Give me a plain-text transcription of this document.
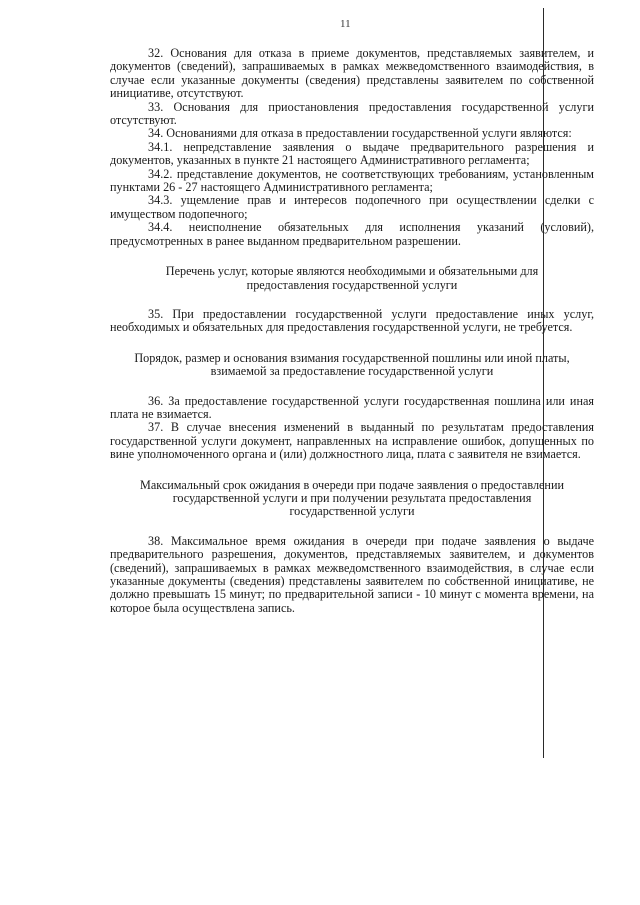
11

32. Основания для отказа в приеме документов, представляемых заявителем, и документов (сведений), запрашиваемых в рамках межведомственного взаимодействия, в случае если указанные документы (сведения) представлены заявителем по собственной инициативе, отсутствуют.

33. Основания для приостановления предоставления государственной услуги отсутствуют.

34. Основаниями для отказа в предоставлении государственной услуги являются:

34.1. непредставление заявления о выдаче предварительного разрешения и документов, указанных в пункте 21 настоящего Административного регламента;

34.2. представление документов, не соответствующих требованиям, установленным пунктами 26 - 27 настоящего Административного регламента;

34.3. ущемление прав и интересов подопечного при осуществлении сделки с имуществом подопечного;

34.4. неисполнение обязательных для исполнения указаний (условий), предусмотренных в ранее выданном предварительном разрешении.

Перечень услуг, которые являются необходимыми и обязательными для предоставления государственной услуги

35. При предоставлении государственной услуги предоставление иных услуг, необходимых и обязательных для предоставления государственной услуги, не требуется.

Порядок, размер и основания взимания государственной пошлины или иной платы, взимаемой за предоставление государственной услуги

36. За предоставление государственной услуги государственная пошлина или иная плата не взимается.

37. В случае внесения изменений в выданный по результатам предоставления государственной услуги документ, направленных на исправление ошибок, допущенных по вине уполномоченного органа и (или) должностного лица, плата с заявителя не взимается.

Максимальный срок ожидания в очереди при подаче заявления о предоставлении государственной услуги и при получении результата предоставления государственной услуги

38. Максимальное время ожидания в очереди при подаче заявления о выдаче предварительного разрешения, документов, представляемых заявителем, и документов (сведений), запрашиваемых в рамках межведомственного взаимодействия, в случае если указанные документы (сведения) представлены заявителем по собственной инициативе, не должно превышать 15 минут; по предварительной записи - 10 минут с момента времени, на которое была осуществлена запись.
